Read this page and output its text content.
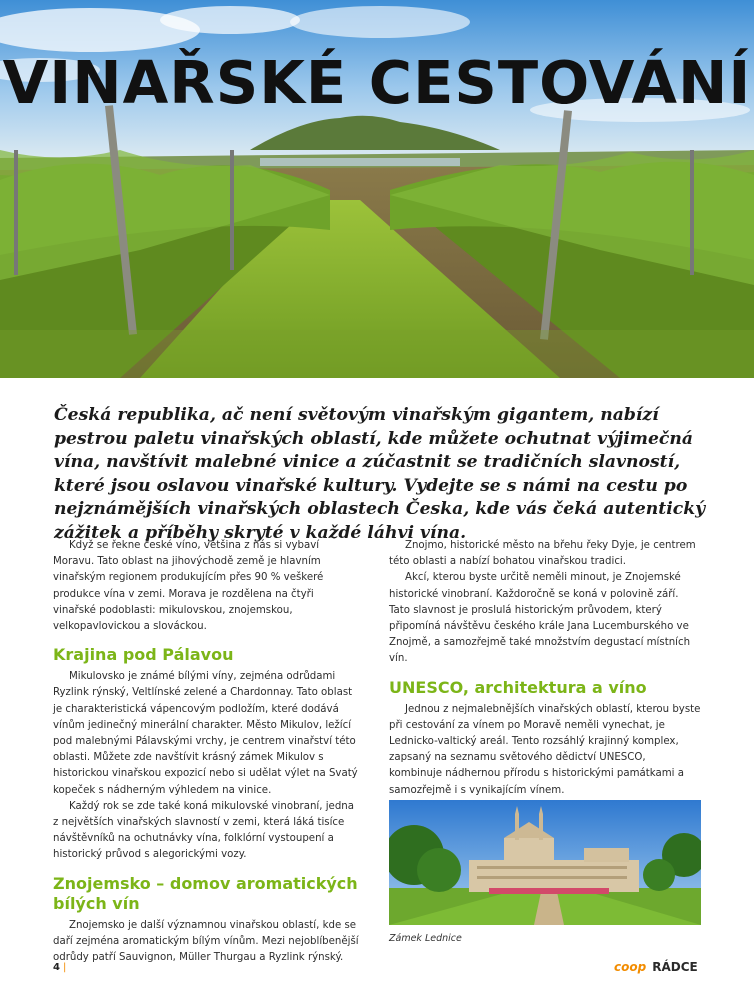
VINAŘSKÉ CESTOVÁNÍ
Česká republika, ač není světovým vinařským gigantem, nabízí pestrou paletu vinařských oblastí, kde můžete ochutnat výjimečná vína, navštívit malebné vinice a zúčastnit se tradičních slavností, které jsou oslavou vinařské kultury. Vydejte se s námi na cestu po nejznámějších vinařských oblastech Česka, kde vás čeká autentický zážitek a příběhy skryté v každé láhvi vína.

Když se řekne české víno, většina z nás si vybaví Moravu. Tato oblast na jihovýchodě země je hlavním vinařským regionem produkujícím přes 90 % veškeré produkce vína v zemi. Morava je rozdělena na čtyři vinařské podoblasti: mikulovskou, znojemskou, velkopavlovickou a slováckou.

Krajina pod Pálavou

Mikulovsko je známé bílými víny, zejména odrůdami Ryzlink rýnský, Veltlínské zelené a Chardonnay. Tato oblast je charakteristická vápencovým podložím, které dodává vínům jedinečný minerální charakter. Město Mikulov, ležící pod malebnými Pálavskými vrchy, je centrem vinařství této oblasti. Můžete zde navštívit krásný zámek Mikulov s historickou vinařskou expozicí nebo si udělat výlet na Svatý kopeček s nádherným výhledem na vinice.

Každý rok se zde také koná mikulovské vinobraní, jedna z největších vinařských slavností v zemi, která láká tisíce návštěvníků na ochutnávky vína, folklórní vystoupení a historický průvod s alegorickými vozy.

Znojemsko – domov aromatických bílých vín

Znojemsko je další významnou vinařskou oblastí, kde se daří zejména aromatickým bílým vínům. Mezi nejoblíbenější odrůdy patří Sauvignon, Müller Thurgau a Ryzlink rýnský.

Znojmo, historické město na břehu řeky Dyje, je centrem této oblasti a nabízí bohatou vinařskou tradici.

Akcí, kterou byste určitě neměli minout, je Znojemské historické vinobraní. Každoročně se koná v polovině září. Tato slavnost je proslulá historickým průvodem, který připomíná návštěvu českého krále Jana Lucemburského ve Znojmě, a samozřejmě také množstvím degustací místních vín.

UNESCO, architektura a víno

Jednou z nejmalebnějších vinařských oblastí, kterou byste při cestování za vínem po Moravě neměli vynechat, je Lednicko-valtický areál. Tento rozsáhlý krajinný komplex, zapsaný na seznamu světového dědictví UNESCO, kombinuje nádhernou přírodu s historickými památkami a samozřejmě i s vynikajícím vínem.

Zámek Lednice
4 |	coop RÁDCE
